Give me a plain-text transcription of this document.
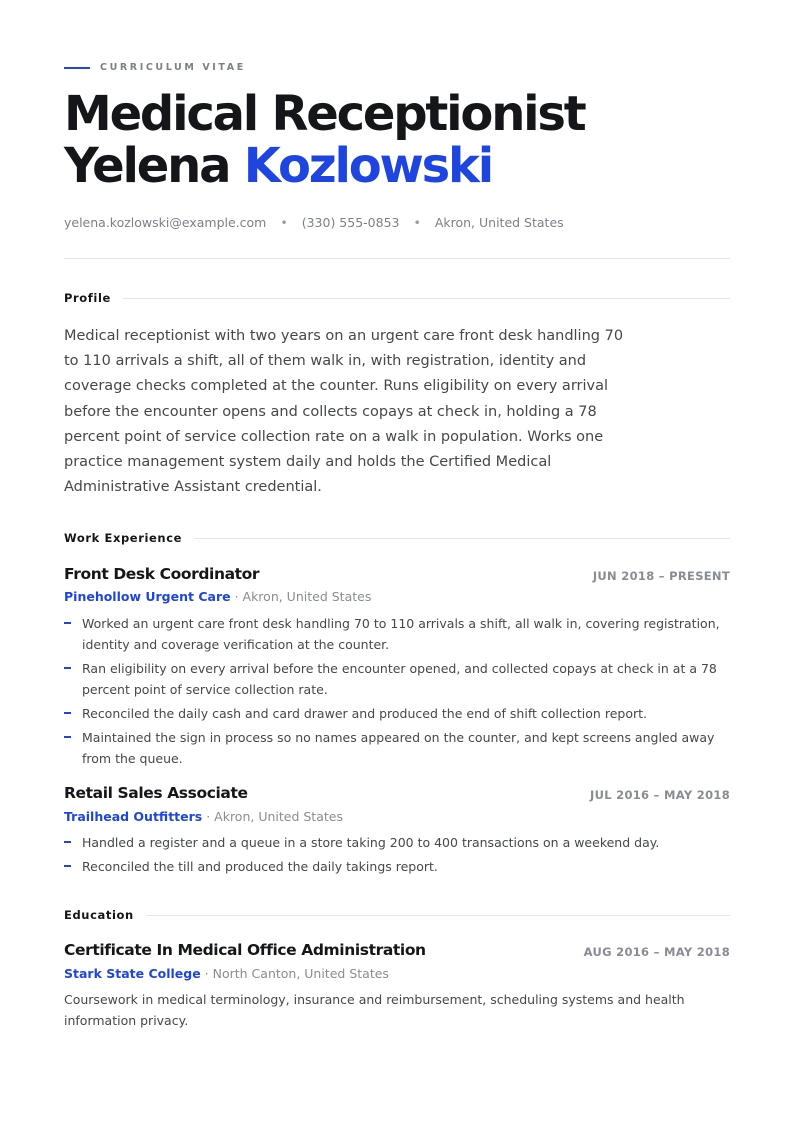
CURRICULUM VITAE
Medical Receptionist
Yelena Kozlowski
yelena.kozlowski@example.com • (330) 555-0853 • Akron, United States
Profile
Medical receptionist with two years on an urgent care front desk handling 70 to 110 arrivals a shift, all of them walk in, with registration, identity and coverage checks completed at the counter. Runs eligibility on every arrival before the encounter opens and collects copays at check in, holding a 78 percent point of service collection rate on a walk in population. Works one practice management system daily and holds the Certified Medical Administrative Assistant credential.
Work Experience
Front Desk Coordinator	JUN 2018 – PRESENT
Pinehollow Urgent Care · Akron, United States
Worked an urgent care front desk handling 70 to 110 arrivals a shift, all walk in, covering registration, identity and coverage verification at the counter.
Ran eligibility on every arrival before the encounter opened, and collected copays at check in at a 78 percent point of service collection rate.
Reconciled the daily cash and card drawer and produced the end of shift collection report.
Maintained the sign in process so no names appeared on the counter, and kept screens angled away from the queue.
Retail Sales Associate	JUL 2016 – MAY 2018
Trailhead Outfitters · Akron, United States
Handled a register and a queue in a store taking 200 to 400 transactions on a weekend day.
Reconciled the till and produced the daily takings report.
Education
Certificate In Medical Office Administration	AUG 2016 – MAY 2018
Stark State College · North Canton, United States
Coursework in medical terminology, insurance and reimbursement, scheduling systems and health information privacy.
